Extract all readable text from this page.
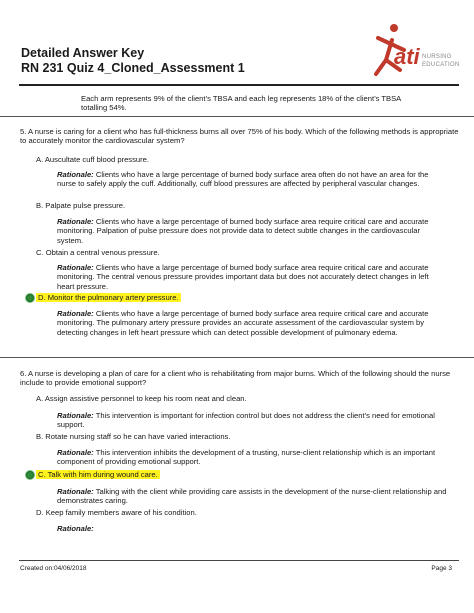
Detailed Answer Key
RN 231 Quiz 4_Cloned_Assessment 1	ati NURSING
EDUCATION
Each arm represents 9% of the client’s TBSA and each leg represents 18% of the client’s TBSA totalling 54%.
5. A nurse is caring for a client who has full-thickness burns all over 75% of his body. Which of the following methods is appropriate to accurately monitor the cardiovascular system?
A. Auscultate cuff blood pressure.
Rationale: Clients who have a large percentage of burned body surface area often do not have an area for the nurse to safely apply the cuff. Additionally, cuff blood pressures are affected by peripheral vascular changes.
B. Palpate pulse pressure.
Rationale: Clients who have a large percentage of burned body surface area require critical care and accurate monitoring. Palpation of pulse pressure does not provide data to detect subtle changes in the cardiovascular system.
C. Obtain a central venous pressure.
Rationale: Clients who have a large percentage of burned body surface area require critical care and accurate monitoring. The central venous pressure provides important data but does not accurately detect changes in left heart pressure.
D. Monitor the pulmonary artery pressure.
Rationale: Clients who have a large percentage of burned body surface area require critical care and accurate monitoring. The pulmonary artery pressure provides an accurate assessment of the cardiovascular system by detecting changes in left heart pressure which can detect possible development of pulmonary edema.
6. A nurse is developing a plan of care for a client who is rehabilitating from major burns. Which of the following should the nurse include to provide emotional support?
A. Assign assistive personnel to keep his room neat and clean.
Rationale: This intervention is important for infection control but does not address the client’s need for emotional support.
B. Rotate nursing staff so he can have varied interactions.
Rationale: This intervention inhibits the development of a trusting, nurse-client relationship which is an important component of providing emotional support.
C. Talk with him during wound care.
Rationale: Talking with the client while providing care assists in the development of the nurse-client relationship and demonstrates caring.
D. Keep family members aware of his condition.
Rationale:
Created on:04/06/2018	Page 3
